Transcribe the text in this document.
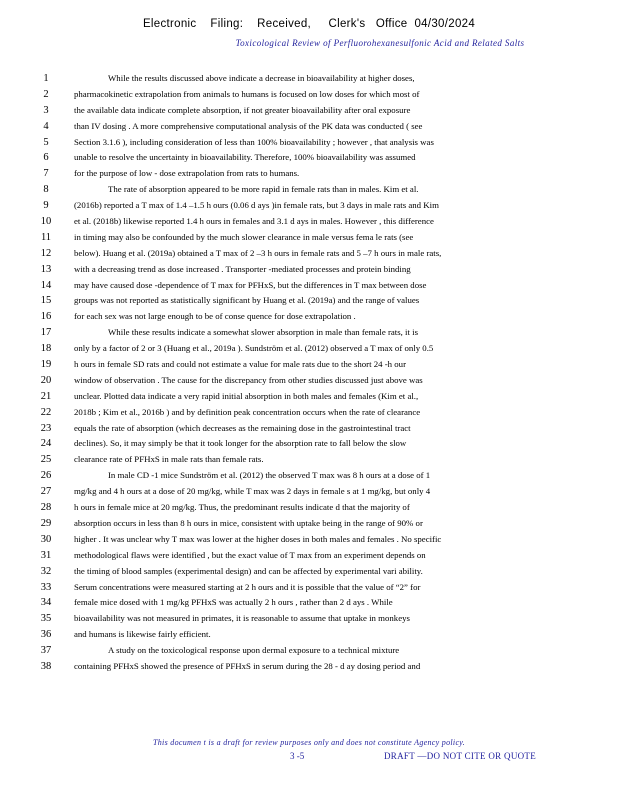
Electronic    Filing:    Received,     Clerk's   Office  04/30/2024
Toxicological Review of Perfluorohexanesulfonic Acid and Related Salts
1	While the results discussed above indicate a decrease in bioavailability at higher doses,
2	pharmacokinetic extrapolation from animals to humans is focused on low doses for which most of
3	the available data indicate complete absorption, if not greater bioavailability after oral exposure
4	than IV dosing . A more comprehensive computational analysis of the PK data was conducted ( see
5	Section 3.1.6 ), including consideration of less than 100% bioavailability ; however , that analysis was
6	unable to resolve the uncertainty in bioavailability. Therefore, 100% bioavailability was assumed
7	for the purpose of low - dose extrapolation from rats to humans.
8	The rate of absorption appeared to be more rapid in female rats than in males. Kim et al.
9	(2016b) reported a T max of 1.4 –1.5 h ours (0.06 d ays )in female rats, but 3 days in male rats and Kim
10	et al. (2018b) likewise reported 1.4 h ours in females and 3.1 d ays in males. However , this difference
11	in timing may also be confounded by the much slower clearance in male versus fema le rats (see
12	below). Huang et al. (2019a) obtained a T max of 2 –3 h ours in female rats and 5 –7 h ours in male rats,
13	with a decreasing trend as dose increased . Transporter -mediated processes and protein binding
14	may have caused dose -dependence of T max for PFHxS, but the differences in T max between dose
15	groups was not reported as statistically significant by Huang et al. (2019a) and the range of values
16	for each sex was not large enough to be of conse quence for dose extrapolation .
17	While these results indicate a somewhat slower absorption in male than female rats, it is
18	only by a factor of 2 or 3 (Huang et al., 2019a ). Sundström et al. (2012) observed a T max of only 0.5
19	h ours in female SD rats and could not estimate a value for male rats due to the short 24 -h our
20	window of observation . The cause for the discrepancy from other studies discussed just above was
21	unclear. Plotted data indicate a very rapid initial absorption in both males and females (Kim et al.,
22	2018b ; Kim et al., 2016b ) and by definition peak concentration occurs when the rate of clearance
23	equals the rate of absorption (which decreases as the remaining dose in the gastrointestinal tract
24	declines). So, it may simply be that it took longer for the absorption rate to fall below the slow
25	clearance rate of PFHxS in male rats than female rats.
26	In male CD -1 mice Sundström et al. (2012) the observed T max was 8 h ours at a dose of 1
27	mg/kg and 4 h ours at a dose of 20 mg/kg, while T max was 2 days in female s at 1 mg/kg, but only 4
28	h ours in female mice at 20 mg/kg. Thus, the predominant results indicate d that the majority of
29	absorption occurs in less than 8 h ours in mice, consistent with uptake being in the range of 90% or
30	higher . It was unclear why T max was lower at the higher doses in both males and females . No specific
31	methodological flaws were identified , but the exact value of T max from an experiment depends on
32	the timing of blood samples (experimental design) and can be affected by experimental vari ability.
33	Serum concentrations were measured starting at 2 h ours and it is possible that the value of “2” for
34	female mice dosed with 1 mg/kg PFHxS was actually 2 h ours , rather than 2 d ays . While
35	bioavailability was not measured in primates, it is reasonable to assume that uptake in monkeys
36	and humans is likewise fairly efficient.
37	A study on the toxicological response upon dermal exposure to a technical mixture
38	containing PFHxS showed the presence of PFHxS in serum during the 28 - d ay dosing period and
This documen t is a draft for review purposes only and does not constitute Agency policy.
3 -5	DRAFT —DO NOT CITE OR QUOTE
